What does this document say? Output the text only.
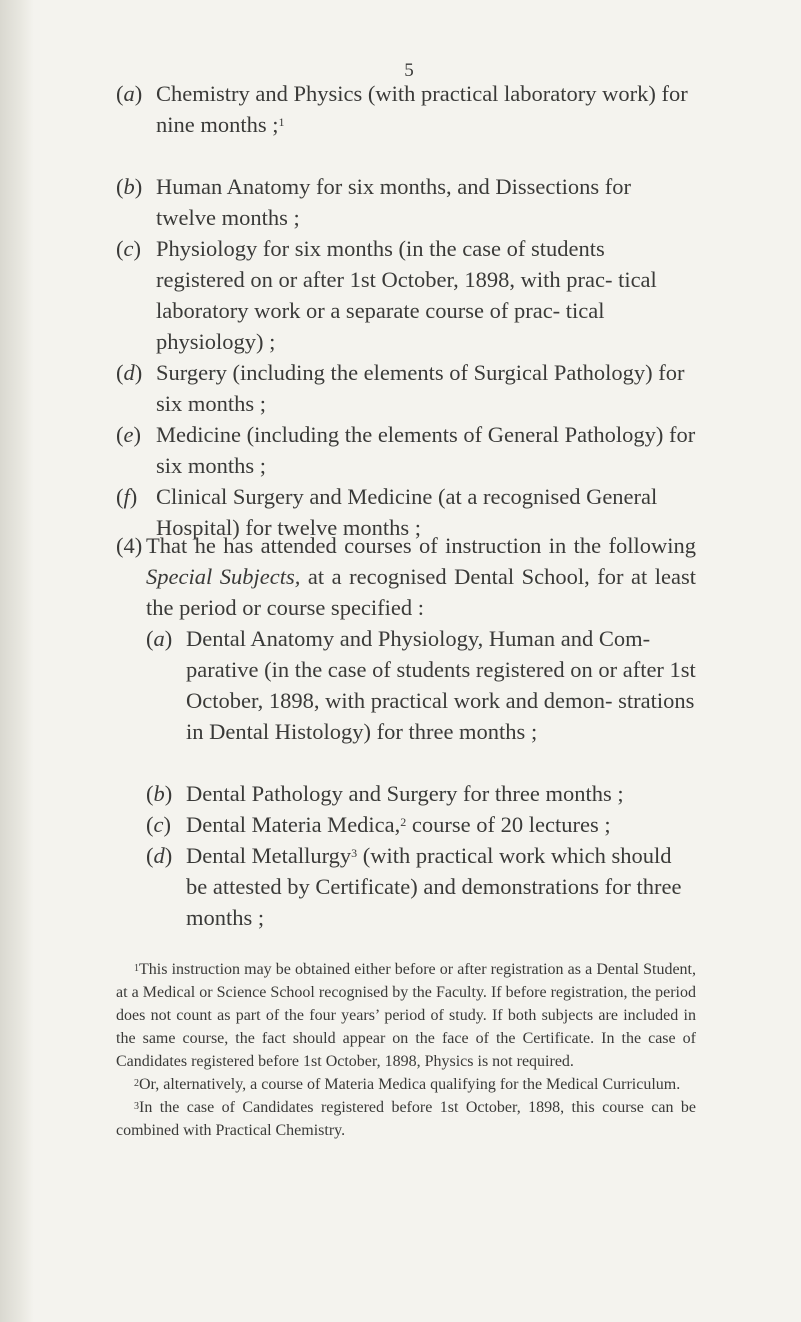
5
(a) Chemistry and Physics (with practical laboratory work) for nine months ;$^1$
(b) Human Anatomy for six months, and Dissections for twelve months ;
(c) Physiology for six months (in the case of students registered on or after 1st October, 1898, with prac- tical laboratory work or a separate course of prac- tical physiology) ;
(d) Surgery (including the elements of Surgical Pathology) for six months ;
(e) Medicine (including the elements of General Pathology) for six months ;
(f) Clinical Surgery and Medicine (at a recognised General Hospital) for twelve months ;
(4) That he has attended courses of instruction in the following Special Subjects, at a recognised Dental School, for at least the period or course specified :
(a) Dental Anatomy and Physiology, Human and Com- parative (in the case of students registered on or after 1st October, 1898, with practical work and demon- strations in Dental Histology) for three months ;
(b) Dental Pathology and Surgery for three months ;
(c) Dental Materia Medica,$^2$ course of 20 lectures ;
(d) Dental Metallurgy$^3$ (with practical work which should be attested by Certificate) and demonstrations for three months ;

$^1$This instruction may be obtained either before or after registration as a Dental Student, at a Medical or Science School recognised by the Faculty. If before registration, the period does not count as part of the four years’ period of study. If both subjects are included in the same course, the fact should appear on the face of the Certificate. In the case of Candidates registered before 1st October, 1898, Physics is not required.

$^2$Or, alternatively, a course of Materia Medica qualifying for the Medical Curriculum.

$^3$In the case of Candidates registered before 1st October, 1898, this course can be combined with Practical Chemistry.
